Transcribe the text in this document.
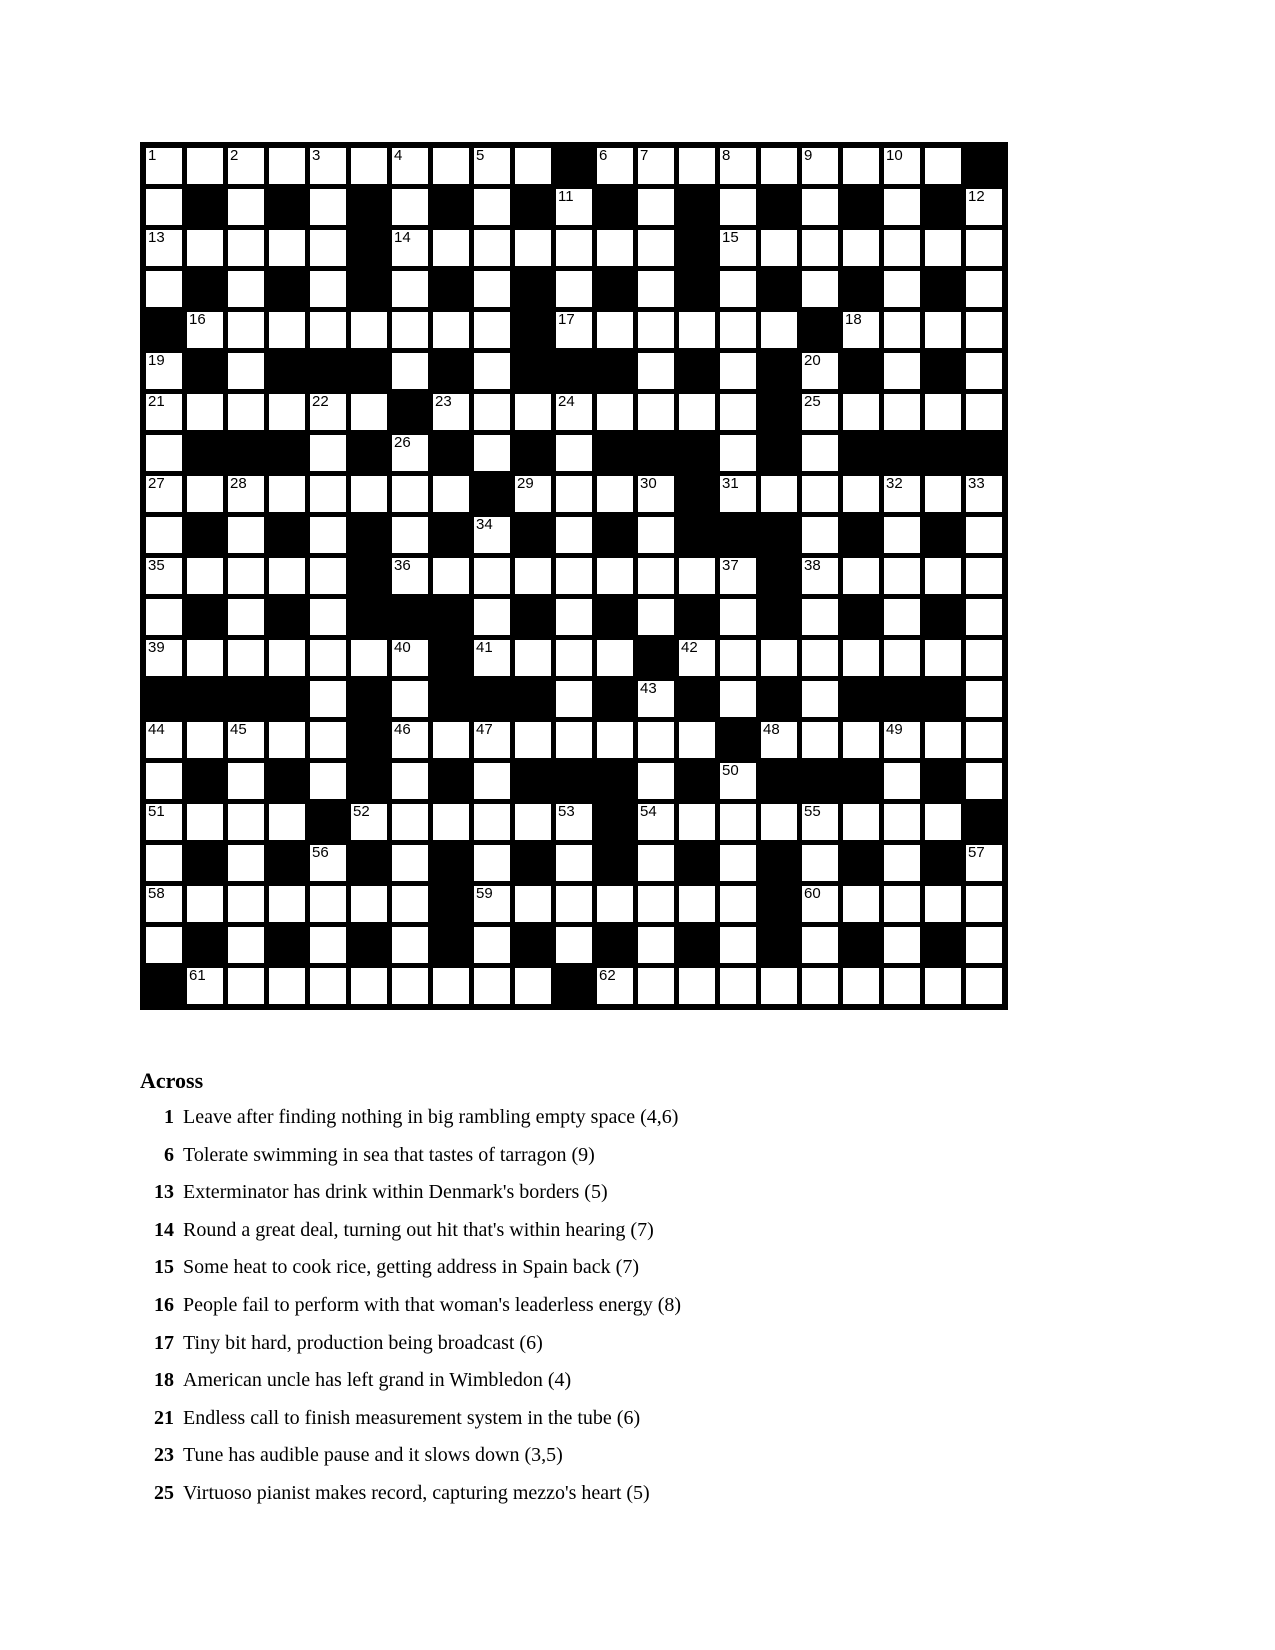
1	2	3	4	5	6 7	8	9	10
11	12
13	14	15
16	17	18
19	20
21	22	23	24	25
26
27	28	29	30	31	32	33
34
35	36	37	38
39	40	41	42
43
44	45	46	47	48	49
50
51	52	53	54	55
56	57
58	59	60
61	62
Across
1 Leave after finding nothing in big rambling empty space (4,6)
6 Tolerate swimming in sea that tastes of tarragon (9)
13 Exterminator has drink within Denmark's borders (5)
14 Round a great deal, turning out hit that's within hearing (7)
15 Some heat to cook rice, getting address in Spain back (7)
16 People fail to perform with that woman's leaderless energy (8)
17 Tiny bit hard, production being broadcast (6)
18 American uncle has left grand in Wimbledon (4)
21 Endless call to finish measurement system in the tube (6)
23 Tune has audible pause and it slows down (3,5)
25 Virtuoso pianist makes record, capturing mezzo's heart (5)
